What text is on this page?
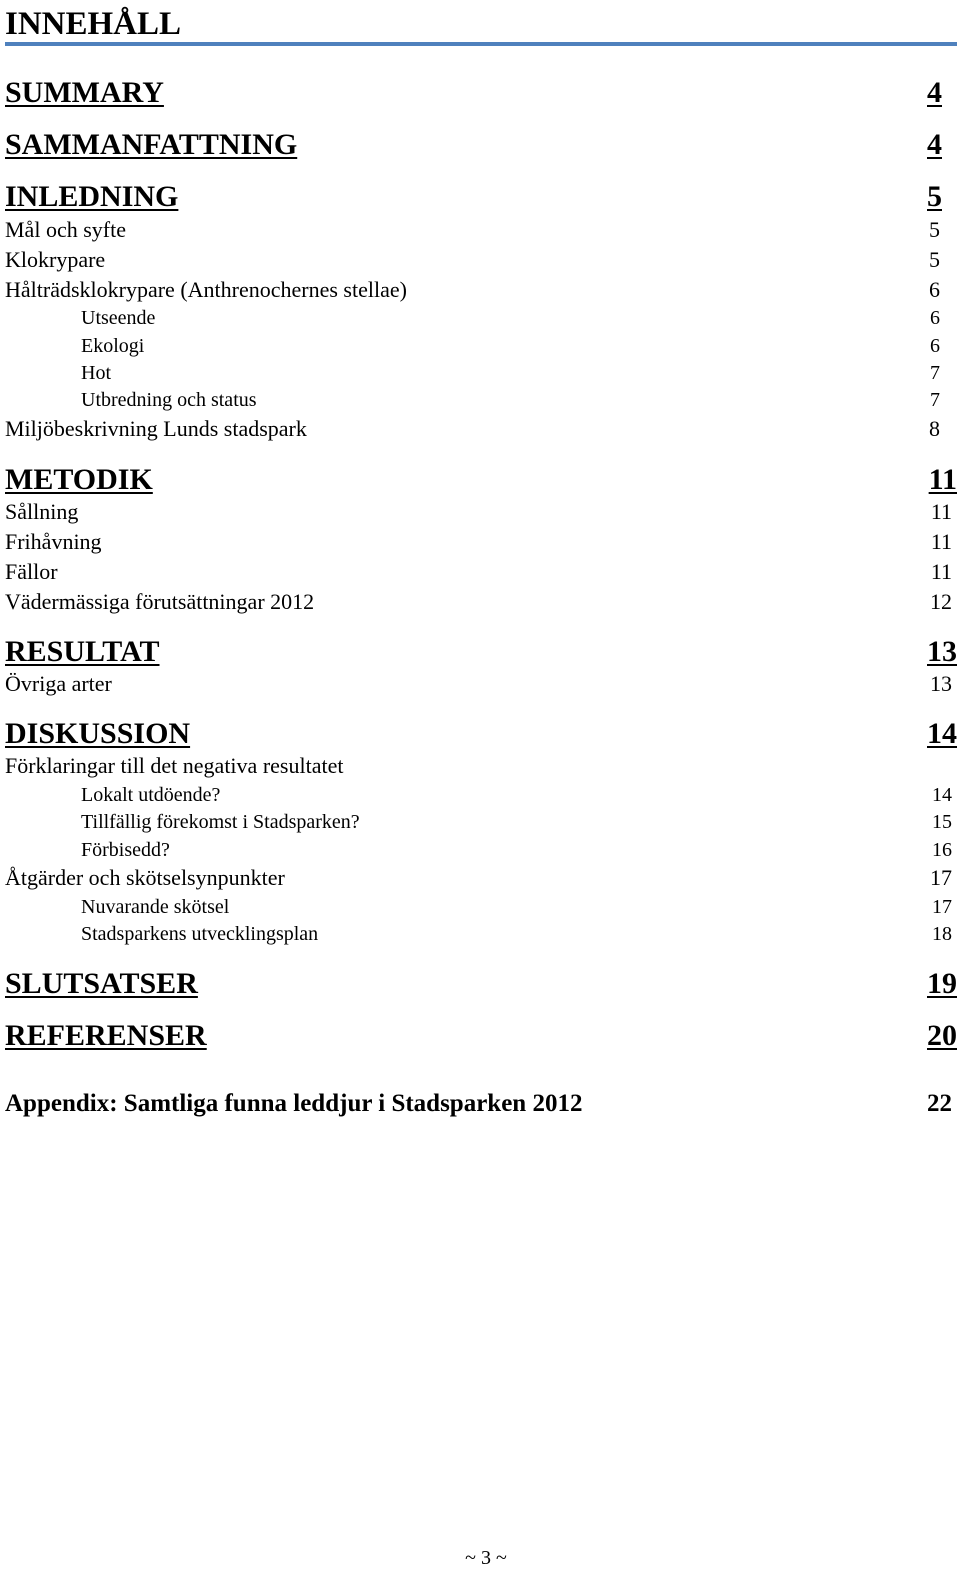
INNEHÅLL
SUMMARY	4
SAMMANFATTNING	4
INLEDNING	5
Mål och syfte	5
Klokrypare	5
Hålträdsklokrypare (Anthrenochernes stellae)	6
Utseende	6
Ekologi	6
Hot	7
Utbredning och status	7
Miljöbeskrivning Lunds stadspark	8
METODIK	11
Sållning	11
Frihåvning	11
Fällor	11
Vädermässiga förutsättningar 2012	12
RESULTAT	13
Övriga arter	13
DISKUSSION	14
Förklaringar till det negativa resultatet
Lokalt utdöende?	14
Tillfällig förekomst i Stadsparken?	15
Förbisedd?	16
Åtgärder och skötselsynpunkter	17
Nuvarande skötsel	17
Stadsparkens utvecklingsplan	18
SLUTSATSER	19
REFERENSER	20
Appendix: Samtliga funna leddjur i Stadsparken 2012	22
~ 3 ~
